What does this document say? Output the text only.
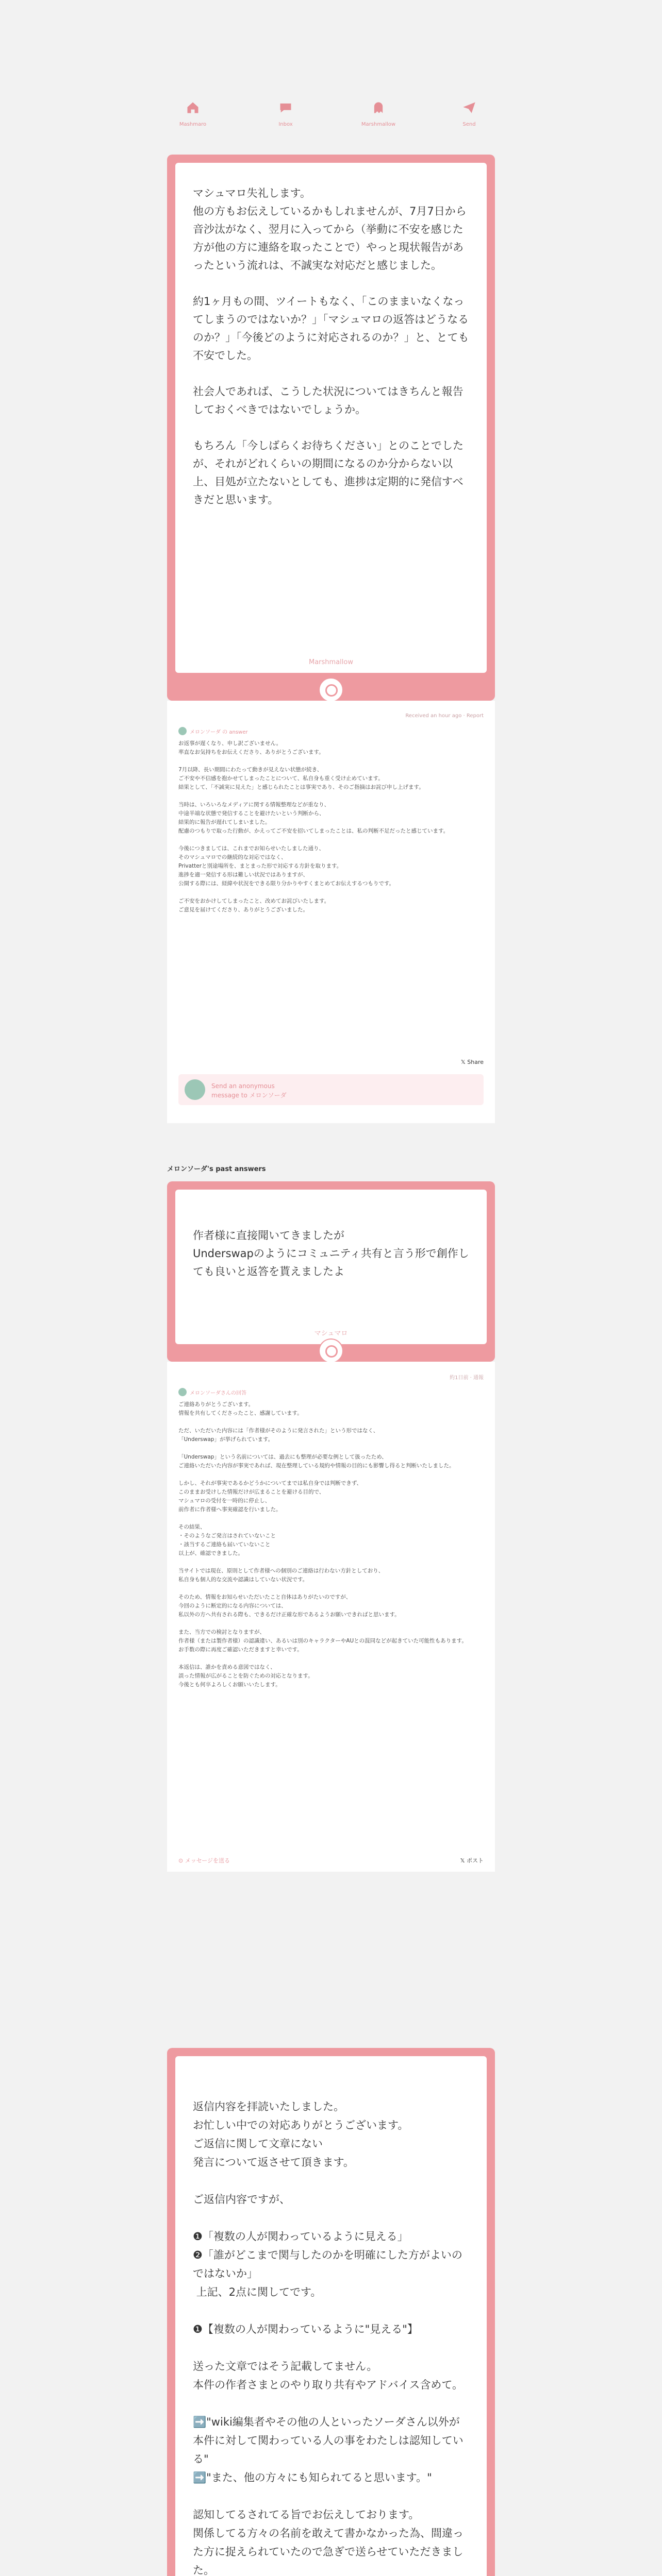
Mashmaro	Inbox	Marshmallow	Send
マシュマロ失礼します。
他の方もお伝えしているかもしれませんが、7月7日から音沙汰がなく、翌月に入ってから（挙動に不安を感じた方が他の方に連絡を取ったことで）やっと現状報告があったという流れは、不誠実な対応だと感じました。

約1ヶ月もの間、ツイートもなく、「このままいなくなってしまうのではないか？」「マシュマロの返答はどうなるのか？」「今後どのように対応されるのか？」と、とても不安でした。

社会人であれば、こうした状況についてはきちんと報告しておくべきではないでしょうか。

もちろん「今しばらくお待ちください」とのことでしたが、それがどれくらいの期間になるのか分からない以上、目処が立たないとしても、進捗は定期的に発信すべきだと思います。
Marshmallow
Received an hour ago · Report
メロンソーダ の answer
お返事が遅くなり、申し訳ございません。
率直なお気持ちをお伝えくださり、ありがとうございます。

7月以降、長い期間にわたって動きが見えない状態が続き、
ご不安や不信感を抱かせてしまったことについて、私自身も重く受け止めています。
結果として、「不誠実に見えた」と感じられたことは事実であり、そのご指摘はお詫び申し上げます。

当時は、いろいろなメディアに関する情報整理などが重なり、
中途半端な状態で発信することを避けたいという判断から、
結果的に報告が遅れてしまいました。
配慮のつもりで取った行動が、かえってご不安を招いてしまったことは、私の判断不足だったと感じています。

今後につきましては、これまでお知らせいたしました通り、
そのマシュマロでの継続的な対応ではなく、
Privatterと別途場所を、まとまった形で対応する方針を取ります。
進捗を適一発信する形は難しい状況ではありますが、
公開する際には、経緯や状況をできる限り分かりやすくまとめてお伝えするつもりです。

ご不安をおかけしてしまったこと、改めてお詫びいたします。
ご意見を届けてくださり、ありがとうございました。
𝕏 Share
Send an anonymous
message to メロンソーダ
メロンソーダ's past answers
作者様に直接聞いてきましたが
Underswapのようにコミュニティ共有と言う形で創作しても良いと返答を貰えましたよ
マシュマロ
約1日前 · 通報
メロンソーダさんの回答
ご連絡ありがとうございます。
情報を共有してくださったこと、感謝しています。

ただ、いただいた内容には「作者様がそのように発言された」という形ではなく、
「Underswap」が挙げられています。

「Underswap」という名前については、過去にも整理が必要な例として扱ったため、
ご連絡いただいた内容が事実であれば、現在整理している規約や情報の目的にも影響し得ると判断いたしました。

しかし、それが事実であるかどうかについてまでは私自身では判断できず、
このままお受けした情報だけが広まることを避ける目的で、
マシュマロの受付を一時的に停止し、
前作者に作者様へ事実確認を行いました。

その結果、
・そのようなご発言はされていないこと
・該当するご連絡も届いていないこと
以上が、確認できました。

当サイトでは現在、原則として作者様への個別のご連絡は行わない方針としており、
私自身も個人的な交流や認識はしていない状況です。

そのため、情報をお知らせいただいたこと自体はありがたいのですが、
今回のように断定的になる内容については、
私以外の方へ共有される際も、できるだけ正確な形であるようお願いできればと思います。

また、当方での検討となりますが、
作者様（または製作者様）の認識違い、あるいは別のキャラクターやAUとの混同などが起きていた可能性もあります。
お手数の際に再度ご確認いただきますと幸いです。

本返信は、誰かを責める意図ではなく、
誤った情報が広がることを防ぐための対応となります。
今後とも何卒よろしくお願いいたします。
⊙ メッセージを送る	𝕏 ポスト
返信内容を拝読いたしました。
お忙しい中での対応ありがとうございます。
ご返信に関して文章にない
発言について返させて頂きます。

ご返信内容ですが、

❶「複数の人が関わっているように見える」
❷「誰がどこまで関与したのかを明確にした方がよいのではないか」
上記、2点に関してです。

❶【複数の人が関わっているように"見える"】

送った文章ではそう記載してません。
本件の作者さまとのやり取り共有やアドバイス含めて。

➡️"wiki編集者やその他の人といったソーダさん以外が本件に対して関わっている人の事をわたしは認知している"
➡️"また、他の方々にも知られてると思います。"

認知してるされてる旨でお伝えしております。
関係してる方々の名前を敢えて書かなかった為、間違った方に捉えられていたので急ぎで送らせていただきました。
